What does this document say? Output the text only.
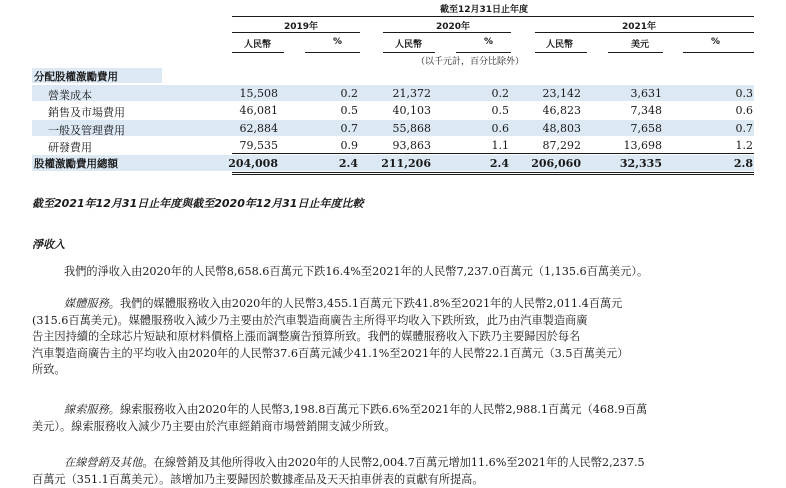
截至12月31日止年度
2019年	2020年	2021年
人民幣	%	人民幣	%	人民幣	美元	%
（以千元計，百分比除外）
分配股權激勵費用
營業成本	15,508	0.2	21,372	0.2	23,142	3,631	0.3
銷售及市場費用	46,081	0.5	40,103	0.5	46,823	7,348	0.6
一般及管理費用	62,884	0.7	55,868	0.6	48,803	7,658	0.7
研發費用	79,535	0.9	93,863	1.1	87,292	13,698	1.2
股權激勵費用總額	204,008	2.4 211,206	2.4 206,060	32,335	2.8
截至2021年12月31日止年度與截至2020年12月31日止年度比較
淨收入
我們的淨收入由2020年的人民幣8,658.6百萬元下跌16.4%至2021年的人民幣7,237.0百萬元（1,135.6百萬美元）。
媒體服務。我們的媒體服務收入由2020年的人民幣3,455.1百萬元下跌41.8%至2021年的人民幣2,011.4百萬元
(315.6百萬美元)。媒體服務收入減少乃主要由於汽車製造商廣告主所得平均收入下跌所致，此乃由汽車製造商廣
告主因持續的全球芯片短缺和原材料價格上漲而調整廣告預算所致。我們的媒體服務收入下跌乃主要歸因於每名
汽車製造商廣告主的平均收入由2020年的人民幣37.6百萬元減少41.1%至2021年的人民幣22.1百萬元（3.5百萬美元）
所致。
線索服務。線索服務收入由2020年的人民幣3,198.8百萬元下跌6.6%至2021年的人民幣2,988.1百萬元（468.9百萬
美元）。線索服務收入減少乃主要由於汽車經銷商市場營銷開支減少所致。
在線營銷及其他。在線營銷及其他所得收入由2020年的人民幣2,004.7百萬元增加11.6%至2021年的人民幣2,237.5
百萬元（351.1百萬美元）。該增加乃主要歸因於數據產品及天天拍車併表的貢獻有所提高。
